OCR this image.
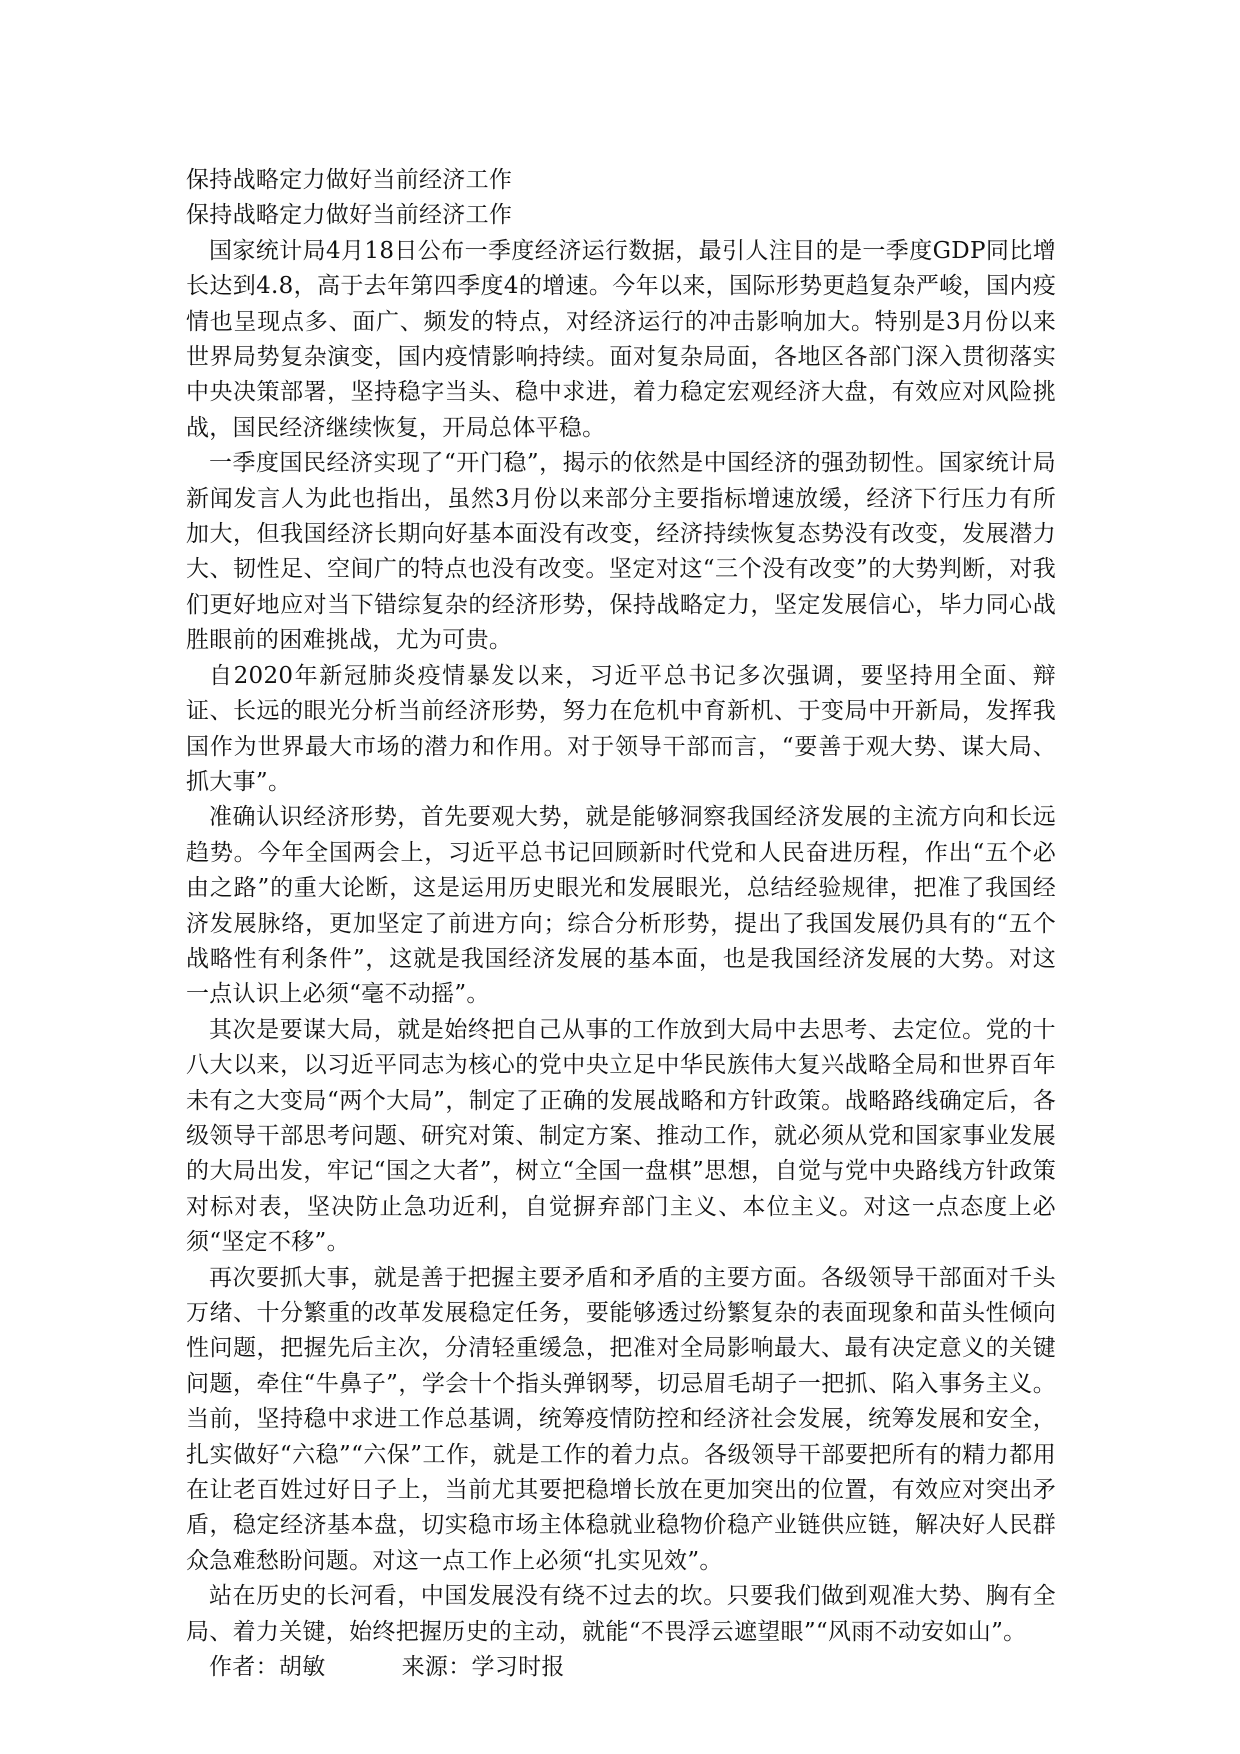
保持战略定力做好当前经济工作

保持战略定力做好当前经济工作

国家统计局4月18日公布一季度经济运行数据，最引人注目的是一季度GDP同比增长达到4.8，高于去年第四季度4的增速。今年以来，国际形势更趋复杂严峻，国内疫情也呈现点多、面广、频发的特点，对经济运行的冲击影响加大。特别是3月份以来世界局势复杂演变，国内疫情影响持续。面对复杂局面，各地区各部门深入贯彻落实中央决策部署，坚持稳字当头、稳中求进，着力稳定宏观经济大盘，有效应对风险挑战，国民经济继续恢复，开局总体平稳。

一季度国民经济实现了“开门稳”，揭示的依然是中国经济的强劲韧性。国家统计局新闻发言人为此也指出，虽然3月份以来部分主要指标增速放缓，经济下行压力有所加大，但我国经济长期向好基本面没有改变，经济持续恢复态势没有改变，发展潜力大、韧性足、空间广的特点也没有改变。坚定对这“三个没有改变”的大势判断，对我们更好地应对当下错综复杂的经济形势，保持战略定力，坚定发展信心，毕力同心战胜眼前的困难挑战，尤为可贵。

自2020年新冠肺炎疫情暴发以来，习近平总书记多次强调，要坚持用全面、辩证、长远的眼光分析当前经济形势，努力在危机中育新机、于变局中开新局，发挥我国作为世界最大市场的潜力和作用。对于领导干部而言，“要善于观大势、谋大局、抓大事”。

准确认识经济形势，首先要观大势，就是能够洞察我国经济发展的主流方向和长远趋势。今年全国两会上，习近平总书记回顾新时代党和人民奋进历程，作出“五个必由之路”的重大论断，这是运用历史眼光和发展眼光，总结经验规律，把准了我国经济发展脉络，更加坚定了前进方向；综合分析形势，提出了我国发展仍具有的“五个战略性有利条件”，这就是我国经济发展的基本面，也是我国经济发展的大势。对这一点认识上必须“毫不动摇”。

其次是要谋大局，就是始终把自己从事的工作放到大局中去思考、去定位。党的十八大以来，以习近平同志为核心的党中央立足中华民族伟大复兴战略全局和世界百年未有之大变局“两个大局”，制定了正确的发展战略和方针政策。战略路线确定后，各级领导干部思考问题、研究对策、制定方案、推动工作，就必须从党和国家事业发展的大局出发，牢记“国之大者”，树立“全国一盘棋”思想，自觉与党中央路线方针政策对标对表，坚决防止急功近利，自觉摒弃部门主义、本位主义。对这一点态度上必须“坚定不移”。

再次要抓大事，就是善于把握主要矛盾和矛盾的主要方面。各级领导干部面对千头万绪、十分繁重的改革发展稳定任务，要能够透过纷繁复杂的表面现象和苗头性倾向性问题，把握先后主次，分清轻重缓急，把准对全局影响最大、最有决定意义的关键问题，牵住“牛鼻子”，学会十个指头弹钢琴，切忌眉毛胡子一把抓、陷入事务主义。当前，坚持稳中求进工作总基调，统筹疫情防控和经济社会发展，统筹发展和安全，扎实做好“六稳”“六保”工作，就是工作的着力点。各级领导干部要把所有的精力都用在让老百姓过好日子上，当前尤其要把稳增长放在更加突出的位置，有效应对突出矛盾，稳定经济基本盘，切实稳市场主体稳就业稳物价稳产业链供应链，解决好人民群众急难愁盼问题。对这一点工作上必须“扎实见效”。

站在历史的长河看，中国发展没有绕不过去的坎。只要我们做到观准大势、胸有全局、着力关键，始终把握历史的主动，就能“不畏浮云遮望眼”“风雨不动安如山”。

作者：胡敏	来源：学习时报
